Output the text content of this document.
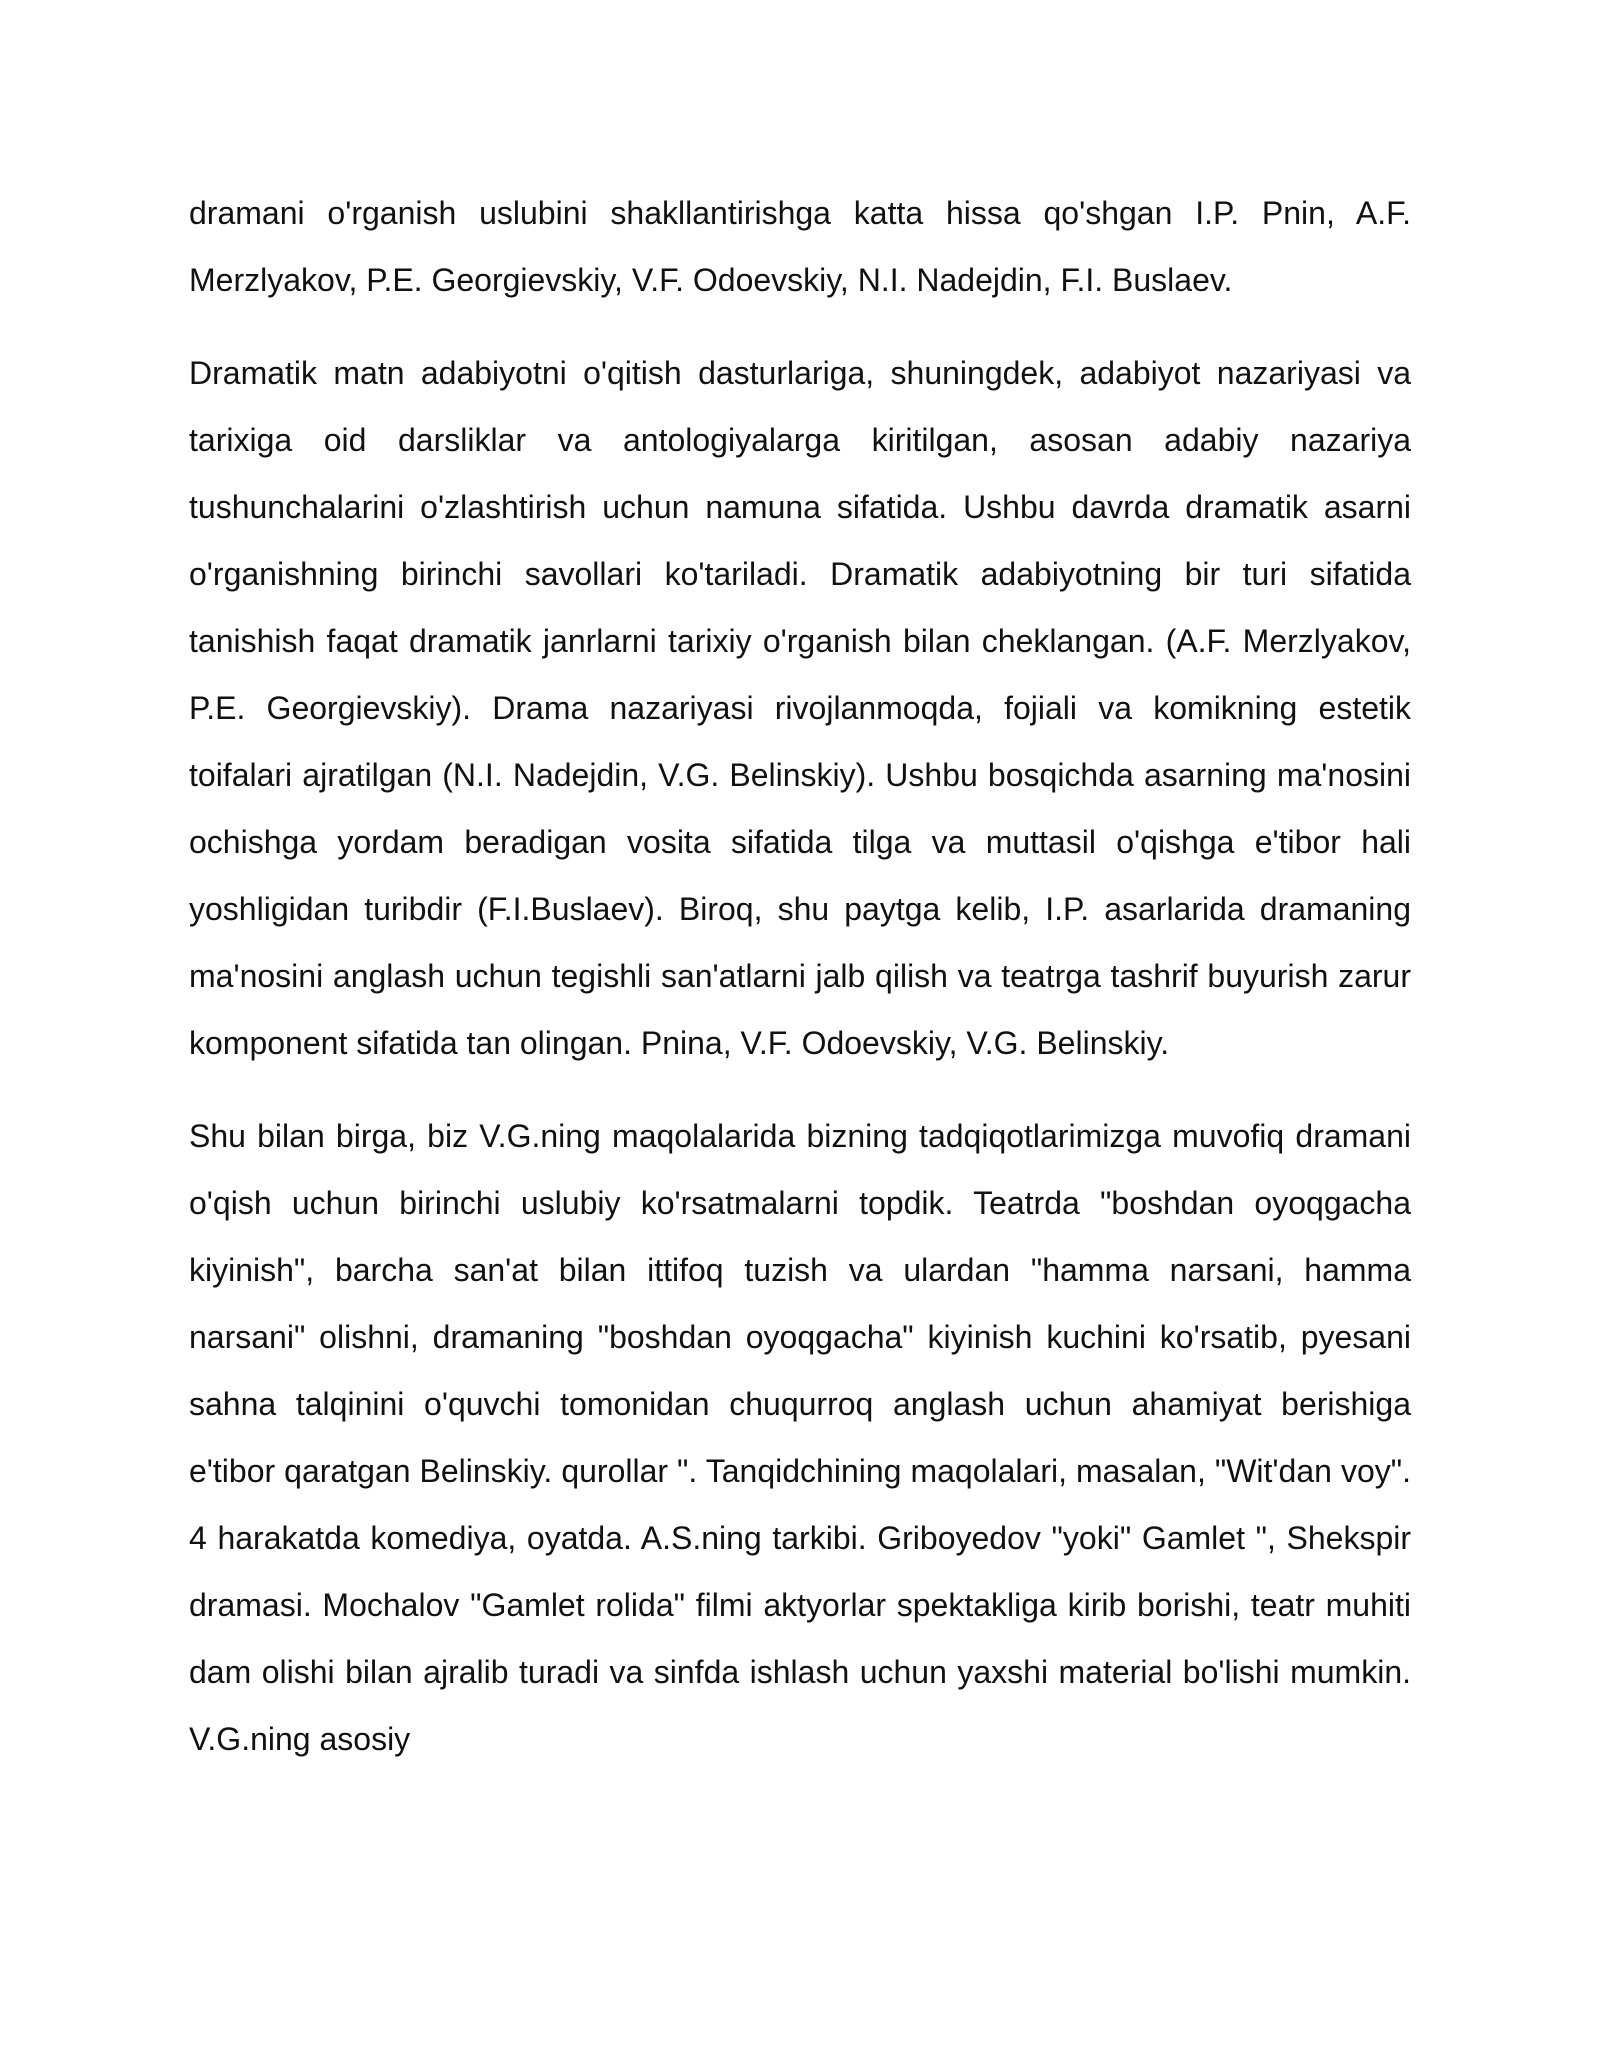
dramani o'rganish uslubini shakllantirishga katta hissa qo'shgan I.P. Pnin, A.F. Merzlyakov, P.E. Georgievskiy, V.F. Odoevskiy, N.I. Nadejdin, F.I. Buslaev.

Dramatik matn adabiyotni o'qitish dasturlariga, shuningdek, adabiyot nazariyasi va tarixiga oid darsliklar va antologiyalarga kiritilgan, asosan adabiy nazariya tushunchalarini o'zlashtirish uchun namuna sifatida. Ushbu davrda dramatik asarni o'rganishning birinchi savollari ko'tariladi. Dramatik adabiyotning bir turi sifatida tanishish faqat dramatik janrlarni tarixiy o'rganish bilan cheklangan. (A.F. Merzlyakov, P.E. Georgievskiy). Drama nazariyasi rivojlanmoqda, fojiali va komikning estetik toifalari ajratilgan (N.I. Nadejdin, V.G. Belinskiy). Ushbu bosqichda asarning ma'nosini ochishga yordam beradigan vosita sifatida tilga va muttasil o'qishga e'tibor hali yoshligidan turibdir (F.I.Buslaev). Biroq, shu paytga kelib, I.P. asarlarida dramaning ma'nosini anglash uchun tegishli san'atlarni jalb qilish va teatrga tashrif buyurish zarur komponent sifatida tan olingan. Pnina, V.F. Odoevskiy, V.G. Belinskiy.

Shu bilan birga, biz V.G.ning maqolalarida bizning tadqiqotlarimizga muvofiq dramani o'qish uchun birinchi uslubiy ko'rsatmalarni topdik. Teatrda "boshdan oyoqgacha kiyinish", barcha san'at bilan ittifoq tuzish va ulardan "hamma narsani, hamma narsani" olishni, dramaning "boshdan oyoqgacha" kiyinish kuchini ko'rsatib, pyesani sahna talqinini o'quvchi tomonidan chuqurroq anglash uchun ahamiyat berishiga e'tibor qaratgan Belinskiy. qurollar ". Tanqidchining maqolalari, masalan, "Wit'dan voy". 4 harakatda komediya, oyatda. A.S.ning tarkibi. Griboyedov "yoki" Gamlet ", Shekspir dramasi. Mochalov "Gamlet rolida" filmi aktyorlar spektakliga kirib borishi, teatr muhiti dam olishi bilan ajralib turadi va sinfda ishlash uchun yaxshi material bo'lishi mumkin. V.G.ning asosiy
